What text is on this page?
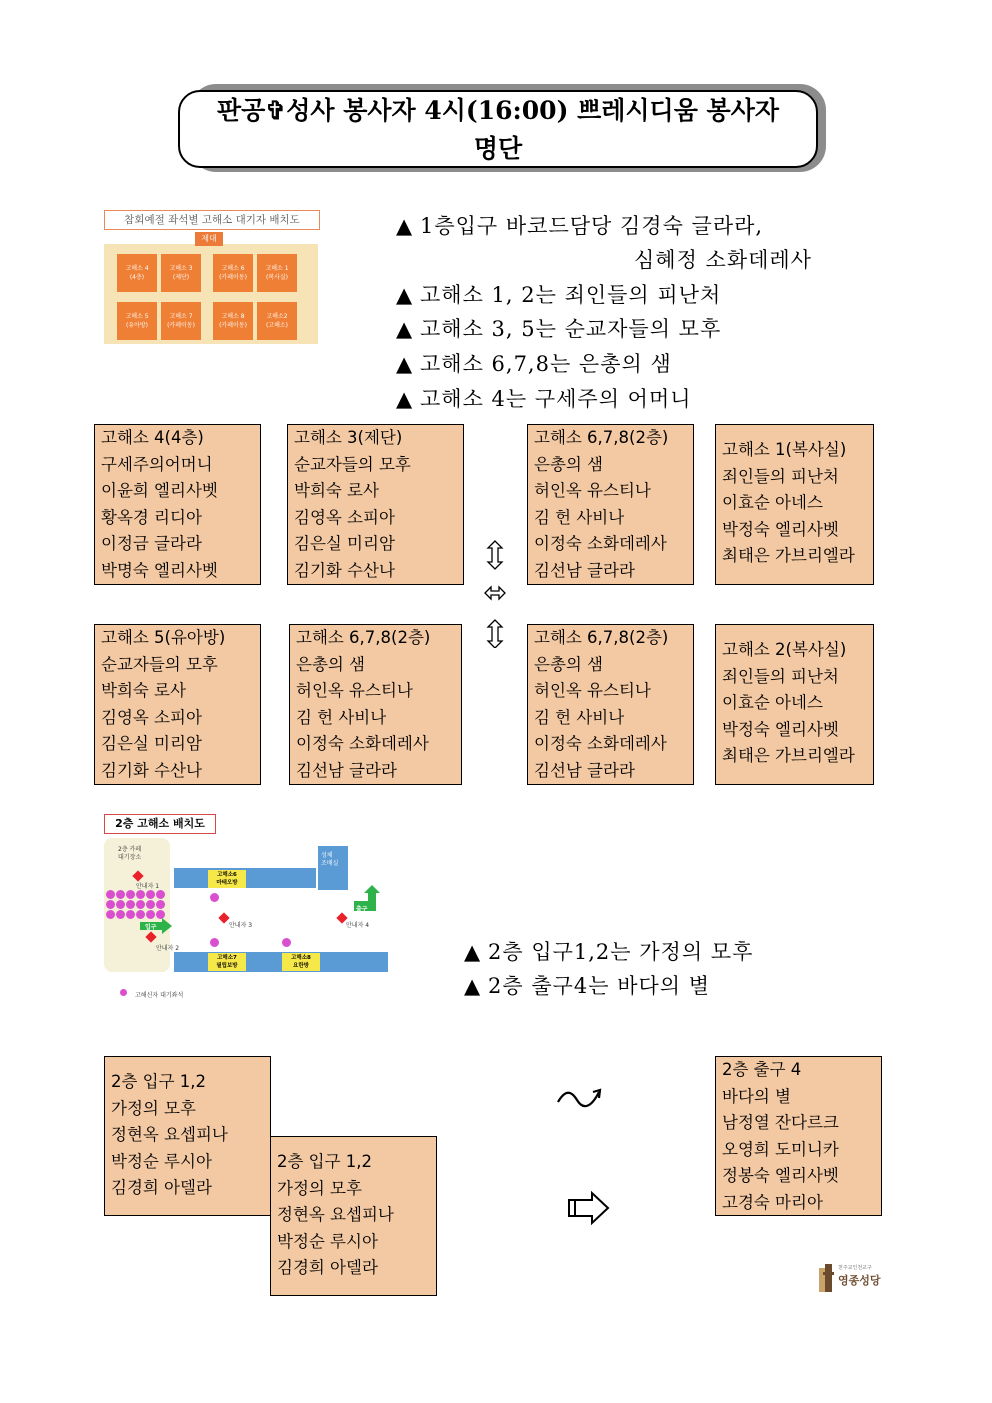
판공✞성사 봉사자 4시(16:00) 쁘레시디움 봉사자
명단
참회예절 좌석별 고해소 대기자 배치도
제대
고해소 4
(4층)
고해소 3
(제단)
고해소 6
(카페이동)
고해소 1
(복사실)
고해소 5
(유아방)
고해소 7
(카페이동)
고해소 8
(카페이동)
고해소2
(고해소)
▲ 1층입구 바코드담당 김경숙 글라라,
심혜정 소화데레사
▲ 고해소 1, 2는 죄인들의 피난처
▲ 고해소 3, 5는 순교자들의 모후
▲ 고해소 6,7,8는 은총의 샘
▲ 고해소 4는 구세주의 어머니
고해소 4(4층)
구세주의어머니
이윤희 엘리사벳
황옥경 리디아
이정금 글라라
박명숙 엘리사벳
고해소 3(제단)
순교자들의 모후
박희숙 로사
김영옥 소피아
김은실 미리암
김기화 수산나
고해소 6,7,8(2층)
은총의 샘
허인옥 유스티나
김 헌 사비나
이정숙 소화데레사
김선남 글라라
고해소 1(복사실)
죄인들의 피난처
이효순 아네스
박정숙 엘리사벳
최태은 가브리엘라
고해소 5(유아방)
순교자들의 모후
박희숙 로사
김영옥 소피아
김은실 미리암
김기화 수산나
고해소 6,7,8(2층)
은총의 샘
허인옥 유스티나
김 헌 사비나
이정숙 소화데레사
김선남 글라라
고해소 6,7,8(2층)
은총의 샘
허인옥 유스티나
김 헌 사비나
이정숙 소화데레사
김선남 글라라
고해소 2(복사실)
죄인들의 피난처
이효순 아네스
박정숙 엘리사벳
최태은 가브리엘라
2층 고해소 배치도
2층 카페
대기장소	성체
조배실
고해소6
마태오방
고해소7
필립보방
고해소8
요한방
안내자 1
안내자 3
안내자 2
안내자 4
입구
출구
고해신자 대기좌석
▲ 2층 입구1,2는 가정의 모후
▲ 2층 출구4는 바다의 별
2층 입구 1,2
가정의 모후
정현옥 요셉피나
박정순 루시아
김경희 아델라
2층 입구 1,2
가정의 모후
정현옥 요셉피나
박정순 루시아
김경희 아델라
2층 출구 4
바다의 별
남정열 잔다르크
오영희 도미니카
정봉숙 엘리사벳
고경숙 마리아
천주교인천교구
영종성당
